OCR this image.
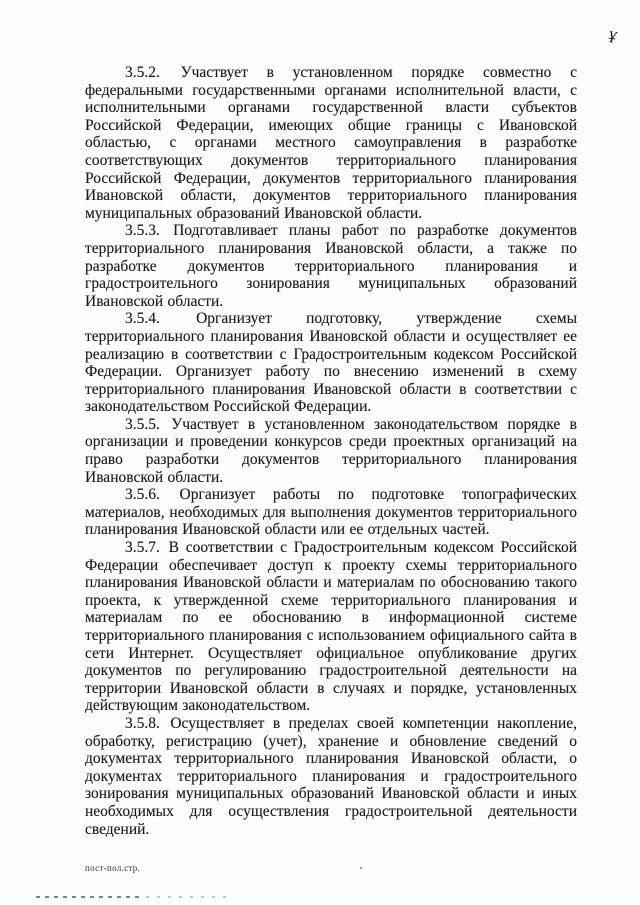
ұ

3.5.2. Участвует в установленном порядке совместно с федеральными государственными органами исполнительной власти, с исполнительными органами государственной власти субъектов Российской Федерации, имеющих общие границы с Ивановской областью, с органами местного самоуправления в разработке соответствующих документов территориального планирования Российской Федерации, документов территориального планирования Ивановской области, документов территориального планирования муниципальных образований Ивановской области.

3.5.3. Подготавливает планы работ по разработке документов территориального планирования Ивановской области, а также по разработке документов территориального планирования и градостроительного зонирования муниципальных образований Ивановской области.

3.5.4. Организует подготовку, утверждение схемы территориального планирования Ивановской области и осуществляет ее реализацию в соответствии с Градостроительным кодексом Российской Федерации. Организует работу по внесению изменений в схему территориального планирования Ивановской области в соответствии с законодательством Российской Федерации.

3.5.5. Участвует в установленном законодательством порядке в организации и проведении конкурсов среди проектных организаций на право разработки документов территориального планирования Ивановской области.

3.5.6. Организует работы по подготовке топографических материалов, необходимых для выполнения документов территориального планирования Ивановской области или ее отдельных частей.

3.5.7. В соответствии с Градостроительным кодексом Российской Федерации обеспечивает доступ к проекту схемы территориального планирования Ивановской области и материалам по обоснованию такого проекта, к утвержденной схеме территориального планирования и материалам по ее обоснованию в информационной системе территориального планирования с использованием официального сайта в сети Интернет. Осуществляет официальное опубликование других документов по регулированию градостроительной деятельности на территории Ивановской области в случаях и порядке, установленных действующим законодательством.

3.5.8. Осуществляет в пределах своей компетенции накопление, обработку, регистрацию (учет), хранение и обновление сведений о документах территориального планирования Ивановской области, о документах территориального планирования и градостроительного зонирования муниципальных образований Ивановской области и иных необходимых для осуществления градостроительной деятельности сведений.

пост-пол.стр.
